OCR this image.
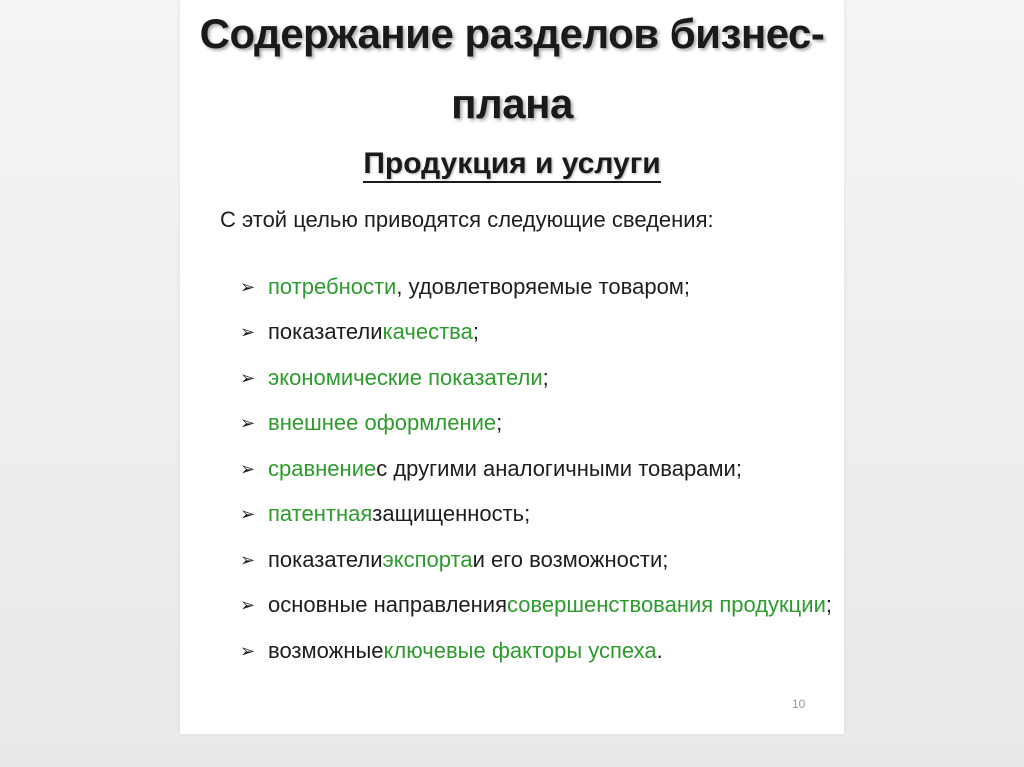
Содержание разделов бизнес-
плана
Продукция и услуги
С этой целью приводятся следующие сведения:
➢ потребности , удовлетворяемые товаром;
➢ показатели качества ;
➢ экономические показатели ;
➢ внешнее оформление ;
➢ сравнение с другими аналогичными товарами;
➢ патентная защищенность;
➢ показатели экспорта и его возможности;
➢ основные направления совершенствования продукции ;
➢ возможные ключевые факторы успеха .
10
